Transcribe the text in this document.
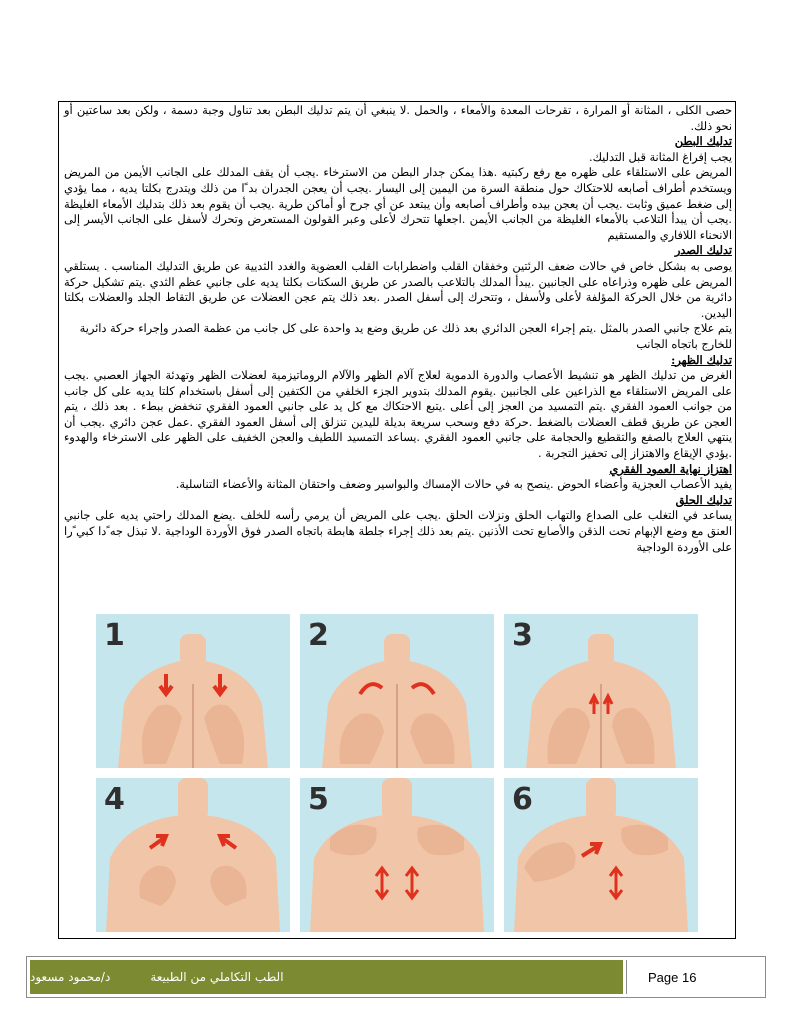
حصى الكلى ، المثانة أو المرارة ، تقرحات المعدة والأمعاء ، والحمل .لا ينبغي أن يتم تدليك البطن بعد تناول وجبة دسمة ، ولكن بعد ساعتين أو نحو ذلك.

تدليك البطن

يجب إفراغ المثانة قبل التدليك.

المريض على الاستلقاء على ظهره مع رفع ركبتيه .هذا يمكن جدار البطن من الاسترخاء .يجب أن يقف المدلك على الجانب الأيمن من المريض ويستخدم أطراف أصابعه للاحتكاك حول منطقة السرة من اليمين إلى اليسار .يجب أن يعجن الجدران بد ًا من ذلك ويتدرج بكلتا يديه ، مما يؤدي إلى ضغط عميق وثابت .يجب أن يعجن بيده وأطراف أصابعه وأن يبتعد عن أي جرح أو أماكن طرية .يجب أن يقوم بعد ذلك بتدليك الأمعاء الغليظة .يجب أن يبدأ التلاعب بالأمعاء الغليظة من الجانب الأيمن .اجعلها تتحرك لأعلى وعبر القولون المستعرض وتحرك لأسفل على الجانب الأيسر إلى الانحناء اللافاري والمستقيم

تدليك الصدر

يوصى به بشكل خاص في حالات ضعف الرئتين وخفقان القلب واضطرابات القلب العضوية والغدد الثديية عن طريق التدليك المناسب . يستلقي المريض على ظهره وذراعاه على الجانبين .يبدأ المدلك بالتلاعب بالصدر عن طريق السكتات بكلتا يديه على جانبي عظم الثدي .يتم تشكيل حركة دائرية من خلال الحركة المؤلفة لأعلى ولأسفل ، وتتحرك إلى أسفل الصدر .بعد ذلك يتم عجن العضلات عن طريق التقاط الجلد والعضلات بكلتا اليدين.

يتم علاج جانبي الصدر بالمثل .يتم إجراء العجن الدائري بعد ذلك عن طريق وضع يد واحدة على كل جانب من عظمة الصدر وإجراء حركة دائرية للخارج باتجاه الجانب

تدليك الظهر:

الغرض من تدليك الظهر هو تنشيط الأعصاب والدورة الدموية لعلاج آلام الظهر والآلام الروماتيزمية لعضلات الظهر وتهدئة الجهاز العصبي .يجب على المريض الاستلقاء مع الذراعين على الجانبين .يقوم المدلك بتدوير الجزء الخلفي من الكتفين إلى أسفل باستخدام كلتا يديه على كل جانب من جوانب العمود الفقري .يتم التمسيد من العجز إلى أعلى .يتبع الاحتكاك مع كل يد على جانبي العمود الفقري تنخفض ببطء . بعد ذلك ، يتم العجن عن طريق قطف العضلات بالضغط .حركة دفع وسحب سريعة بديلة لليدين تنزلق إلى أسفل العمود الفقري .عمل عجن دائري .يجب أن ينتهي العلاج بالصفع والتقطيع والحجامة على جانبي العمود الفقري .يساعد التمسيد اللطيف والعجن الخفيف على الظهر على الاسترخاء والهدوء .يؤدي الإيقاع والاهتزاز إلى تحفيز التجربة .

اهتزاز نهاية العمود الفقري

يفيد الأعصاب العجزية وأعضاء الحوض .ينصح به في حالات الإمساك والبواسير وضعف واحتقان المثانة والأعضاء التناسلية.

تدليك الحلق

يساعد في التغلب على الصداع والتهاب الحلق ونزلات الحلق .يجب على المريض أن يرمي رأسه للخلف .يضع المدلك راحتي يديه على جانبي العنق مع وضع الإبهام تحت الذقن والأصابع تحت الأذنين .يتم بعد ذلك إجراء جلطة هابطة باتجاه الصدر فوق الأوردة الوداجية .لا تبذل جه ًدا كبي ًرا على الأوردة الوداجية

1	2	3
4	5	6
الطب التكاملي من الطبيعة
د/محمود مسعود	Page 16
